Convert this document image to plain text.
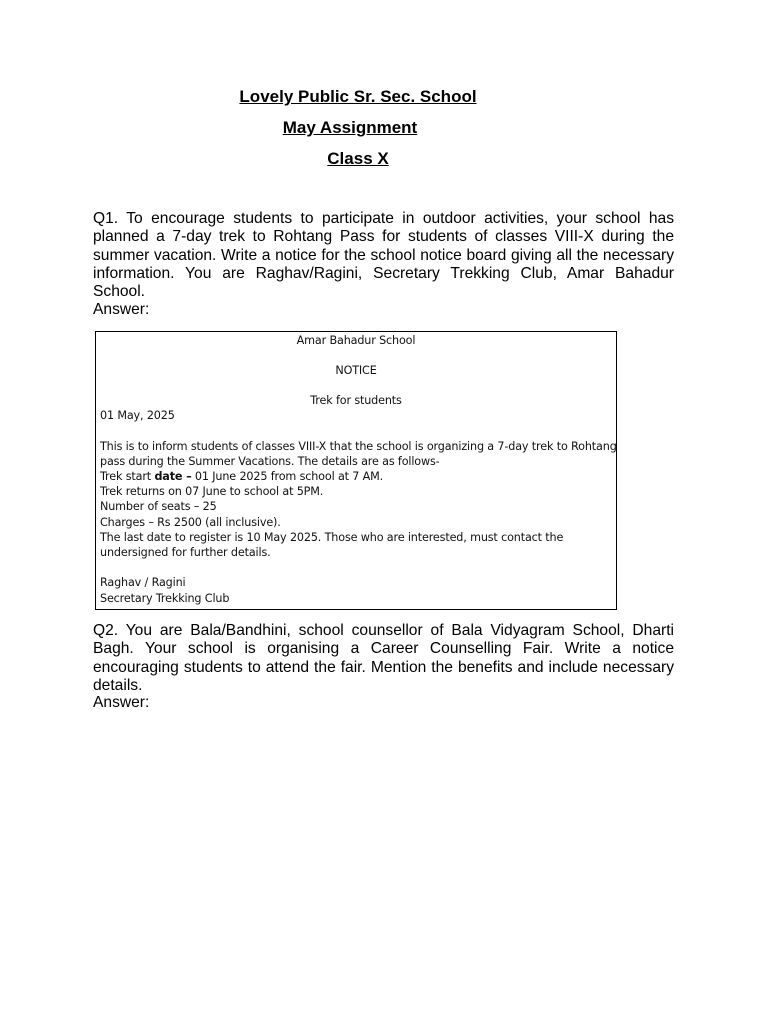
Lovely Public Sr. Sec. School
May Assignment
Class X

Q1. To encourage students to participate in outdoor activities, your school has planned a 7-day trek to Rohtang Pass for students of classes VIII-X during the summer vacation. Write a notice for the school notice board giving all the necessary information. You are Raghav/Ragini, Secretary Trekking Club, Amar Bahadur School.

Answer:

Amar Bahadur School
NOTICE
Trek for students
01 May, 2025
This is to inform students of classes VIII-X that the school is organizing a 7-day trek to Rohtang
pass during the Summer Vacations. The details are as follows-
Trek start date – 01 June 2025 from school at 7 AM.
Trek returns on 07 June to school at 5PM.
Number of seats – 25
Charges – Rs 2500 (all inclusive).
The last date to register is 10 May 2025. Those who are interested, must contact the
undersigned for further details.
Raghav / Ragini
Secretary Trekking Club

Q2. You are Bala/Bandhini, school counsellor of Bala Vidyagram School, Dharti Bagh. Your school is organising a Career Counselling Fair. Write a notice encouraging students to attend the fair. Mention the benefits and include necessary details.

Answer:
